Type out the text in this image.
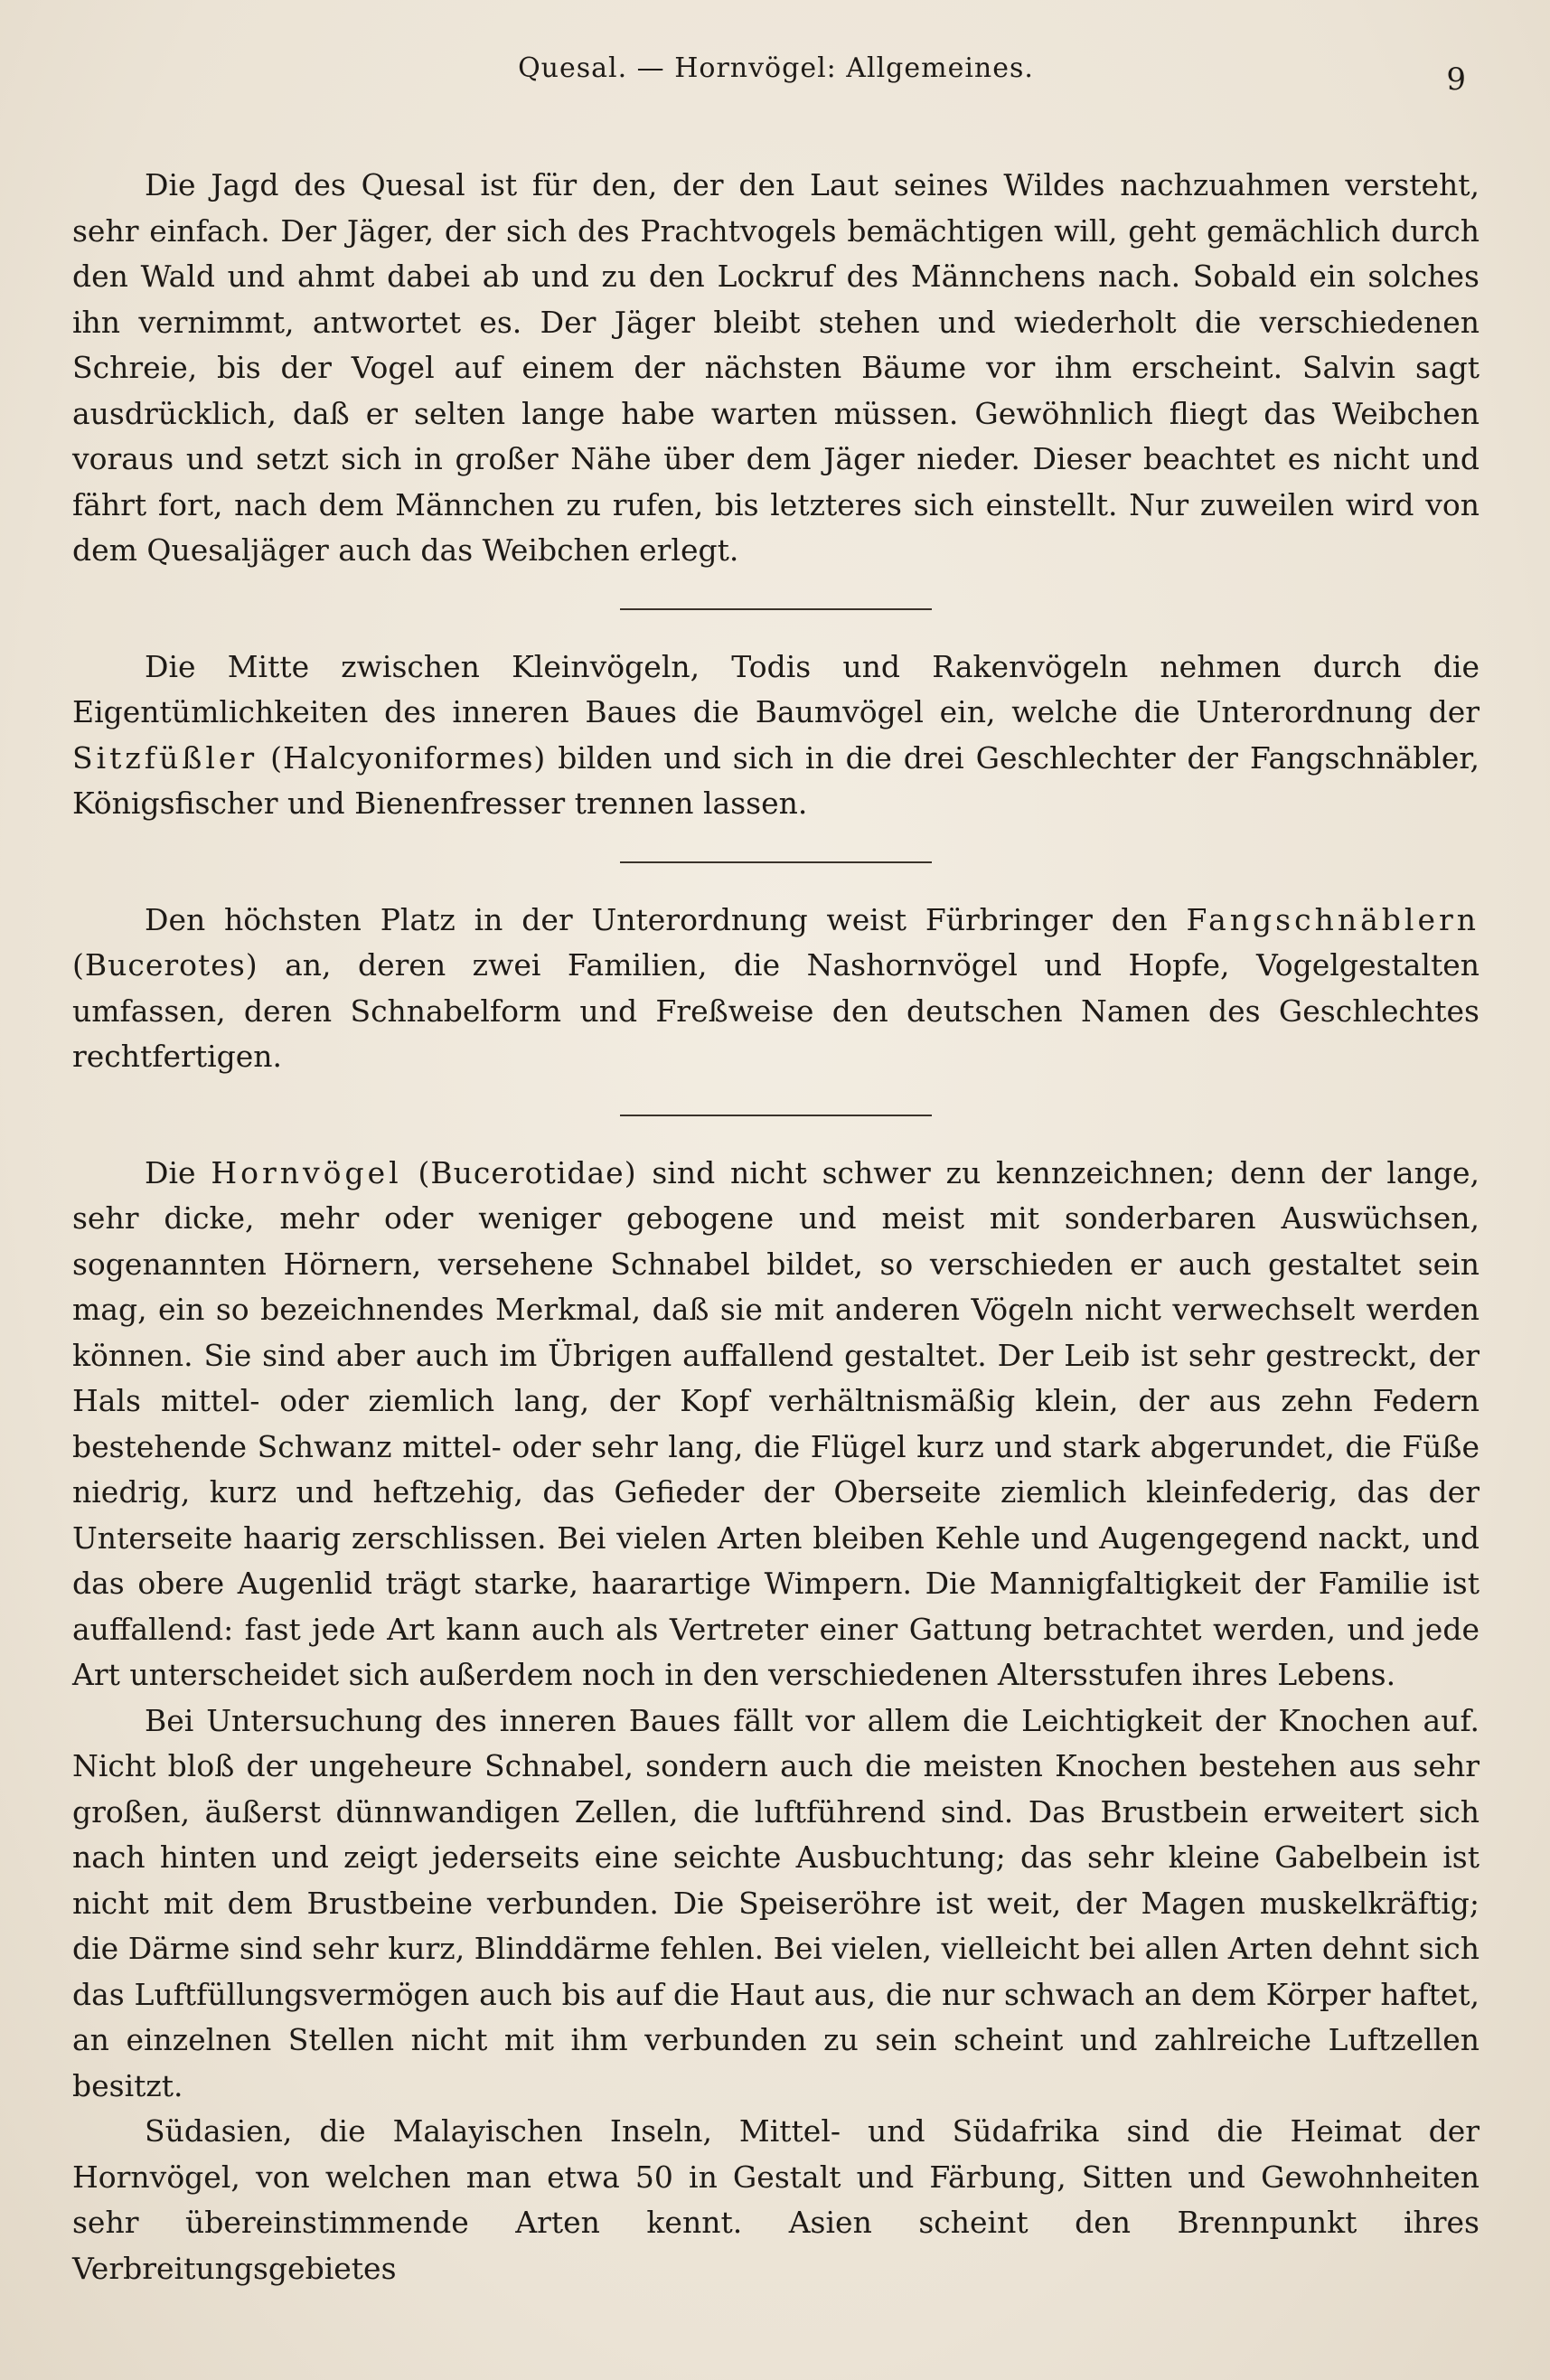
Quesal. — Hornvögel: Allgemeines.	9

Die Jagd des Quesal ist für den, der den Laut seines Wildes nachzuahmen versteht, sehr einfach. Der Jäger, der sich des Prachtvogels bemächtigen will, geht gemächlich durch den Wald und ahmt dabei ab und zu den Lockruf des Männchens nach. Sobald ein solches ihn vernimmt, antwortet es. Der Jäger bleibt stehen und wiederholt die verschiedenen Schreie, bis der Vogel auf einem der nächsten Bäume vor ihm erscheint. Salvin sagt ausdrücklich, daß er selten lange habe warten müssen. Gewöhnlich fliegt das Weibchen voraus und setzt sich in großer Nähe über dem Jäger nieder. Dieser beachtet es nicht und fährt fort, nach dem Männchen zu rufen, bis letzteres sich einstellt. Nur zuweilen wird von dem Quesaljäger auch das Weibchen erlegt.

Die Mitte zwischen Kleinvögeln, Todis und Rakenvögeln nehmen durch die Eigentümlichkeiten des inneren Baues die Baumvögel ein, welche die Unterordnung der Sitzfüßler (Halcyoniformes) bilden und sich in die drei Geschlechter der Fangschnäbler, Königsfischer und Bienenfresser trennen lassen.

Den höchsten Platz in der Unterordnung weist Fürbringer den Fangschnäblern (Bucerotes) an, deren zwei Familien, die Nashornvögel und Hopfe, Vogelgestalten umfassen, deren Schnabelform und Freßweise den deutschen Namen des Geschlechtes rechtfertigen.

Die Hornvögel (Bucerotidae) sind nicht schwer zu kennzeichnen; denn der lange, sehr dicke, mehr oder weniger gebogene und meist mit sonderbaren Auswüchsen, sogenannten Hörnern, versehene Schnabel bildet, so verschieden er auch gestaltet sein mag, ein so bezeichnendes Merkmal, daß sie mit anderen Vögeln nicht verwechselt werden können. Sie sind aber auch im Übrigen auffallend gestaltet. Der Leib ist sehr gestreckt, der Hals mittel- oder ziemlich lang, der Kopf verhältnismäßig klein, der aus zehn Federn bestehende Schwanz mittel- oder sehr lang, die Flügel kurz und stark abgerundet, die Füße niedrig, kurz und heftzehig, das Gefieder der Oberseite ziemlich kleinfederig, das der Unterseite haarig zerschlissen. Bei vielen Arten bleiben Kehle und Augengegend nackt, und das obere Augenlid trägt starke, haarartige Wimpern. Die Mannigfaltigkeit der Familie ist auffallend: fast jede Art kann auch als Vertreter einer Gattung betrachtet werden, und jede Art unterscheidet sich außerdem noch in den verschiedenen Altersstufen ihres Lebens.

Bei Untersuchung des inneren Baues fällt vor allem die Leichtigkeit der Knochen auf. Nicht bloß der ungeheure Schnabel, sondern auch die meisten Knochen bestehen aus sehr großen, äußerst dünnwandigen Zellen, die luftführend sind. Das Brustbein erweitert sich nach hinten und zeigt jederseits eine seichte Ausbuchtung; das sehr kleine Gabelbein ist nicht mit dem Brustbeine verbunden. Die Speiseröhre ist weit, der Magen muskelkräftig; die Därme sind sehr kurz, Blinddärme fehlen. Bei vielen, vielleicht bei allen Arten dehnt sich das Luftfüllungsvermögen auch bis auf die Haut aus, die nur schwach an dem Körper haftet, an einzelnen Stellen nicht mit ihm verbunden zu sein scheint und zahlreiche Luftzellen besitzt.

Südasien, die Malayischen Inseln, Mittel- und Südafrika sind die Heimat der Hornvögel, von welchen man etwa 50 in Gestalt und Färbung, Sitten und Gewohnheiten sehr übereinstimmende Arten kennt. Asien scheint den Brennpunkt ihres Verbreitungsgebietes
